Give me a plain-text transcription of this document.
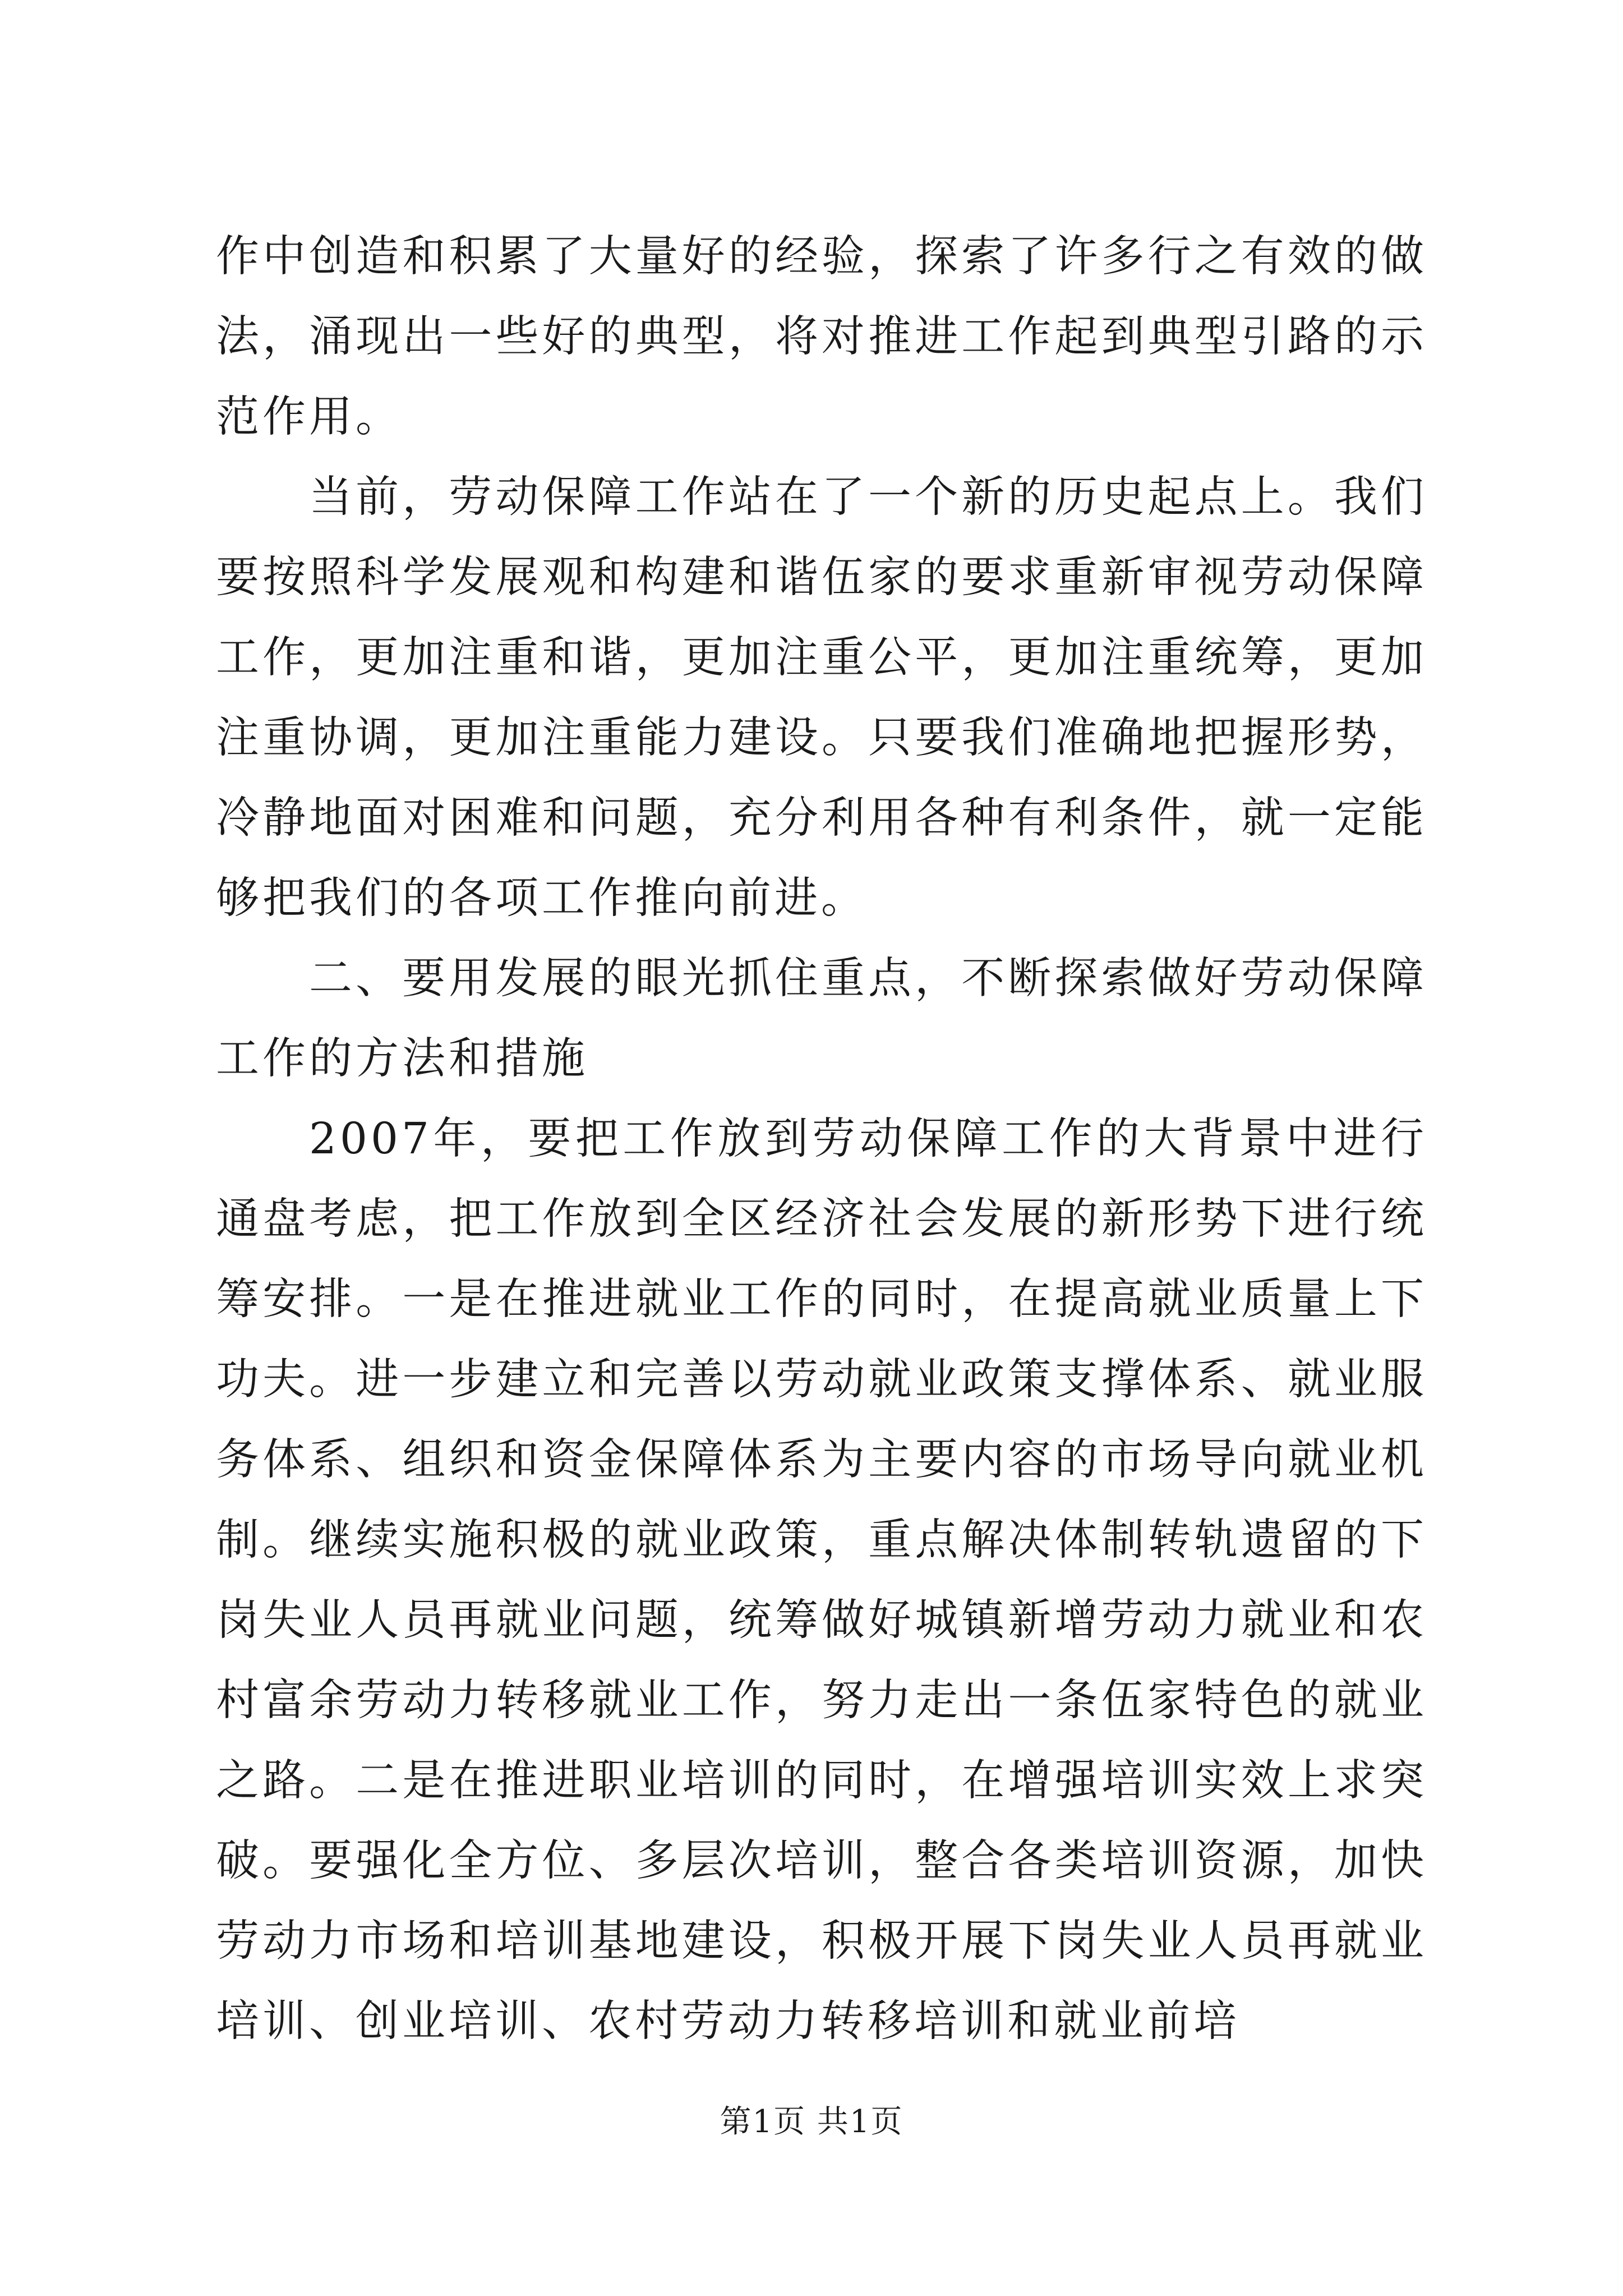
作中创造和积累了大量好的经验，探索了许多行之有效的做法，涌现出一些好的典型，将对推进工作起到典型引路的示范作用。

当前，劳动保障工作站在了一个新的历史起点上。我们要按照科学发展观和构建和谐伍家的要求重新审视劳动保障工作，更加注重和谐，更加注重公平，更加注重统筹，更加注重协调，更加注重能力建设。只要我们准确地把握形势，冷静地面对困难和问题，充分利用各种有利条件，就一定能够把我们的各项工作推向前进。

二、要用发展的眼光抓住重点，不断探索做好劳动保障工作的方法和措施

2007年，要把工作放到劳动保障工作的大背景中进行通盘考虑，把工作放到全区经济社会发展的新形势下进行统筹安排。一是在推进就业工作的同时，在提高就业质量上下功夫。进一步建立和完善以劳动就业政策支撑体系、就业服务体系、组织和资金保障体系为主要内容的市场导向就业机制。继续实施积极的就业政策，重点解决体制转轨遗留的下岗失业人员再就业问题，统筹做好城镇新增劳动力就业和农村富余劳动力转移就业工作，努力走出一条伍家特色的就业之路。二是在推进职业培训的同时，在增强培训实效上求突破。要强化全方位、多层次培训，整合各类培训资源，加快劳动力市场和培训基地建设，积极开展下岗失业人员再就业培训、创业培训、农村劳动力转移培训和就业前培

第1页 共1页
